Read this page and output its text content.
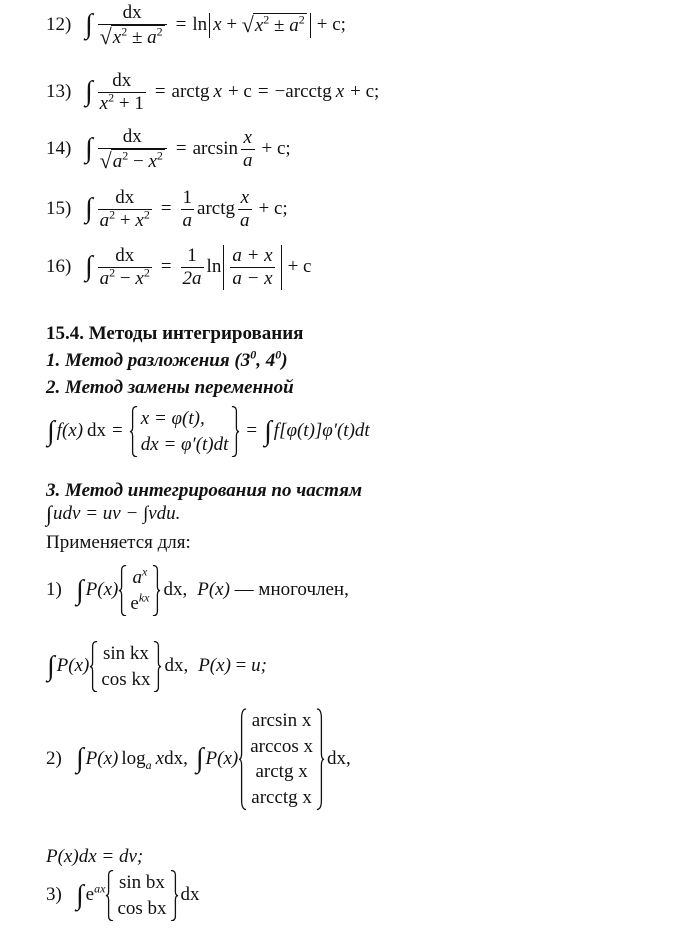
12) ∫ $\frac{dx}{√ x^2 \pm a^2} = \ln x$ + √ $x^2 \pm a^2 + c$;
13) ∫ $\frac{dx}{x^2 + 1}$ = arctg x + c = −arcctg x + c;
14) ∫ $\frac{dx}{√ a^2 - x^2} = \arcsin \frac{x}{a} + c$;
15) ∫ $\frac{dx}{a^2 + x^2} = \frac{1}{a}$ arctg $\frac{x}{a} + c$;
16) ∫ $\frac{dx}{a^2 - x^2} = \frac{1}{2a}$ $\ln \frac{a + x}{a - x} + c$
15.4. Методы интегрирования
1. Метод разложения ($3^0$, $4^0$)
2. Метод замены переменной
∫ f(x) dx =
x = φ(t),
dx = φ′(t)dt
= ∫ f[φ(t)]φ′(t)dt
3. Метод интегрирования по частям
∫ udv = uv − ∫vdu.
Применяется для:
1) ∫ P(x)
$a^x$
$e^{kx}$ dx, P(x) — многочлен,
∫ P(x)
sin kx
cos kx
dx, P(x) = u;
2) ∫ P(x) $\log_a x$ dx, ∫ P(x)
arcsin x
arccos x
arctg x
arcctg x
dx,
P(x)dx = dv;
3) ∫ $e^{ax}$ sin bx
cos bx
dx
